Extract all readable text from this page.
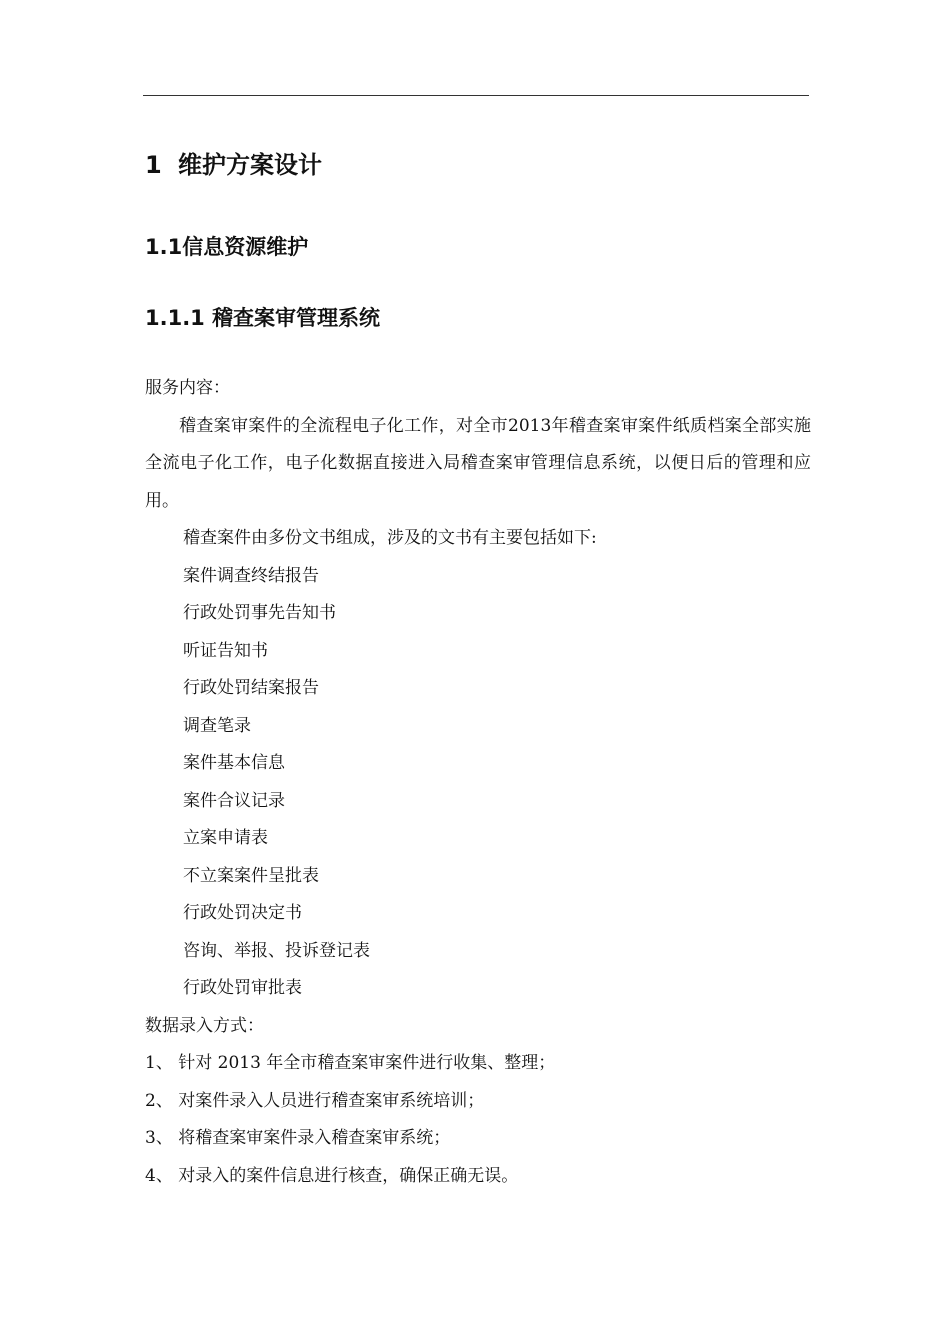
1 维护方案设计
1.1信息资源维护
1.1.1 稽查案审管理系统

服务内容：

稽查案审案件的全流程电子化工作，对全市2013年稽查案审案件纸质档案全部实施全流电子化工作，电子化数据直接进入局稽查案审管理信息系统，以便日后的管理和应用。

稽查案件由多份文书组成，涉及的文书有主要包括如下:

案件调查终结报告

行政处罚事先告知书

听证告知书

行政处罚结案报告

调查笔录

案件基本信息

案件合议记录

立案申请表

不立案案件呈批表

行政处罚决定书

咨询、举报、投诉登记表

行政处罚审批表

数据录入方式：

1、 针对 2013 年全市稽查案审案件进行收集、整理；

2、 对案件录入人员进行稽查案审系统培训；

3、 将稽查案审案件录入稽查案审系统；

4、 对录入的案件信息进行核查，确保正确无误。
